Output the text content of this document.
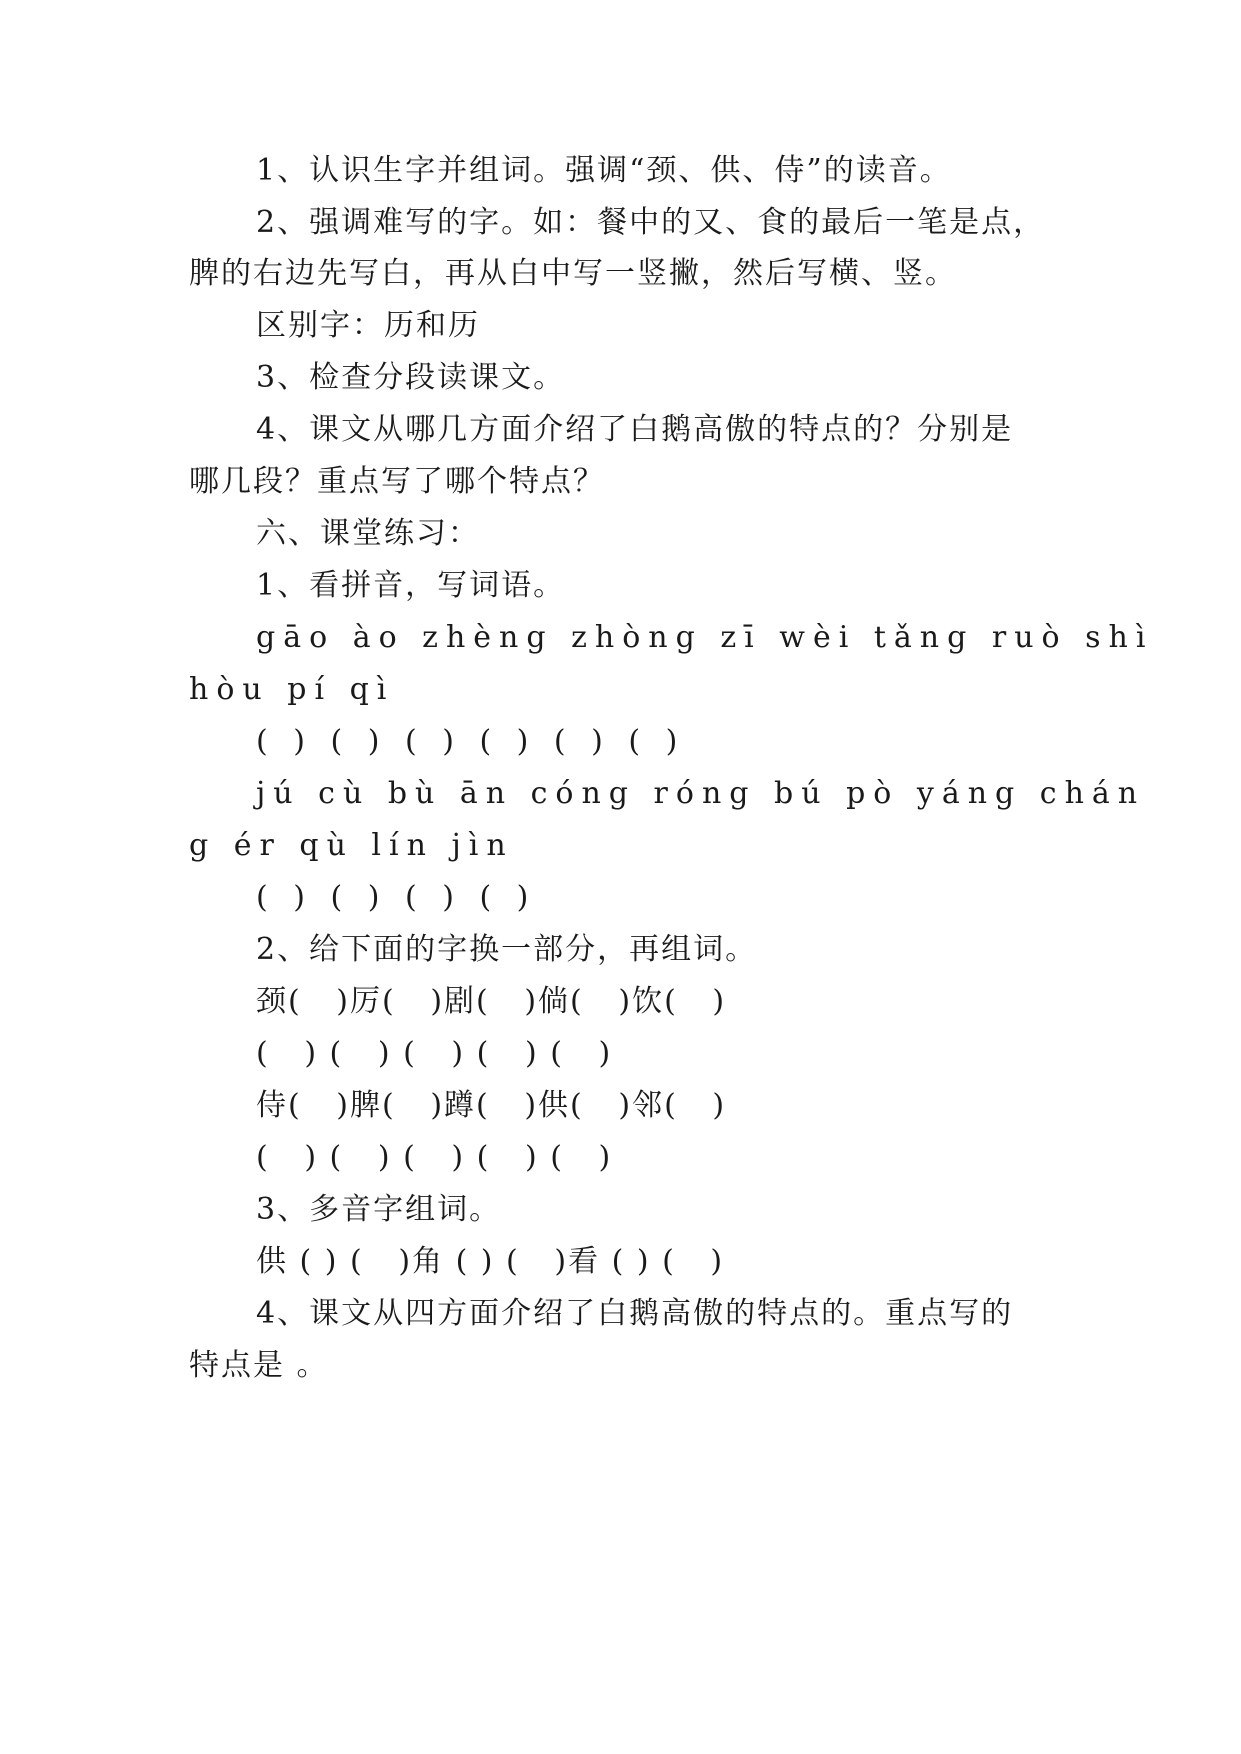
1、认识生字并组词。强调“颈、供、侍”的读音。
2、强调难写的字。如：餐中的又、食的最后一笔是点，
脾的右边先写白，再从白中写一竖撇，然后写横、竖。
区别字：历和历
3、检查分段读课文。
4、课文从哪几方面介绍了白鹅高傲的特点的？分别是
哪几段？重点写了哪个特点？
六、课堂练习：
1、看拼音，写词语。
gāo ào zhèng zhòng zī wèi tǎng ruò shì
hòu pí qì
( ) ( ) ( ) ( ) ( ) ( )
jú cù bù ān cóng róng bú pò yáng chán
g ér qù lín jìn
( ) ( ) ( ) ( )
2、给下面的字换一部分，再组词。
颈(   )厉(   )剧(   )倘(   )饮(   )
(   ) (   ) (   ) (   ) (   )
侍(   )脾(   )蹲(   )供(   )邻(   )
(   ) (   ) (   ) (   ) (   )
3、多音字组词。
供 ( ) (   )角 ( ) (   )看 ( ) (   )
4、课文从四方面介绍了白鹅高傲的特点的。重点写的
特点是 。
